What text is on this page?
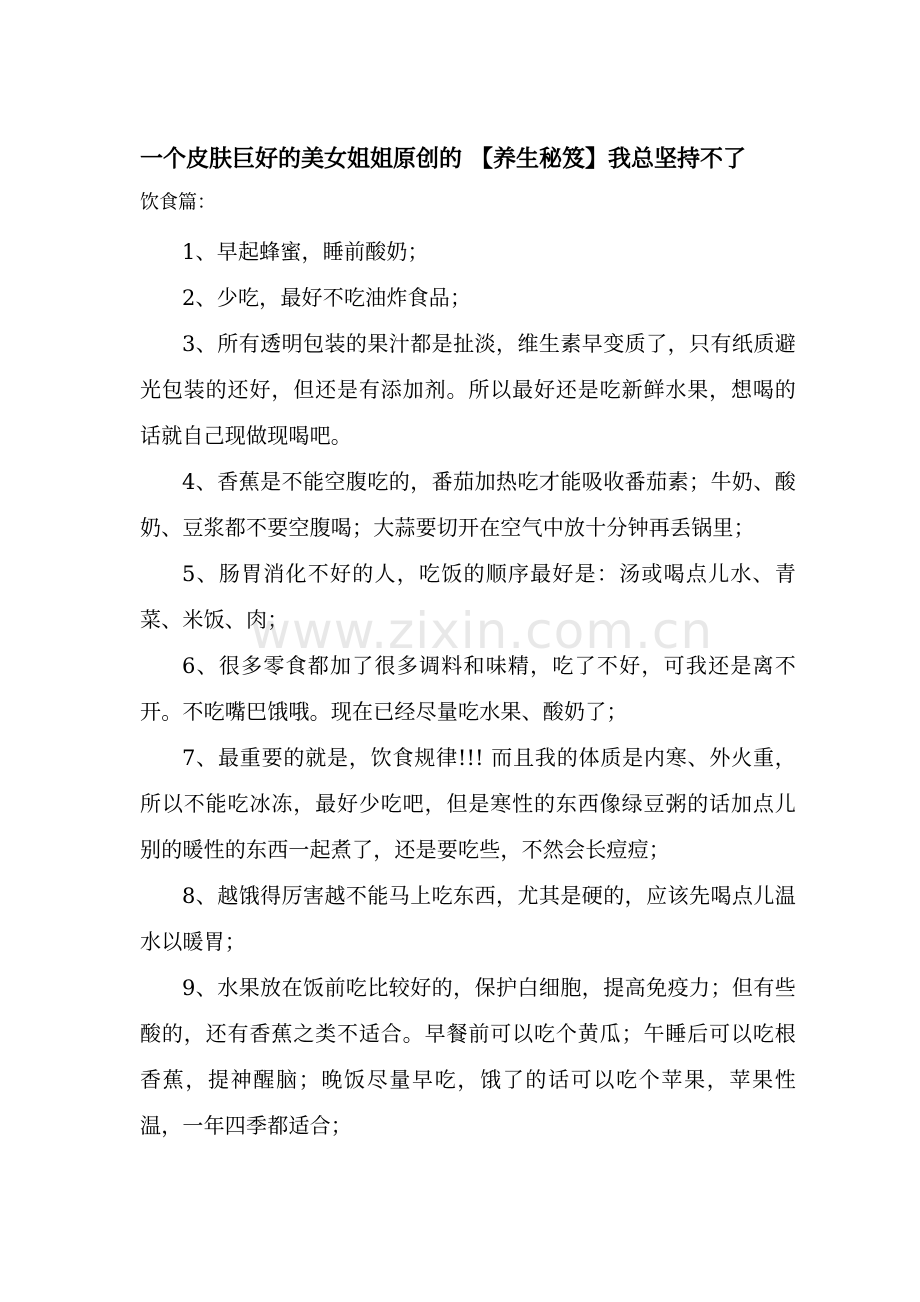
一个皮肤巨好的美女姐姐原创的 【养生秘笈】我总坚持不了

饮食篇：

1、早起蜂蜜，睡前酸奶；

2、少吃，最好不吃油炸食品；

3、所有透明包装的果汁都是扯淡，维生素早变质了，只有纸质避光包装的还好，但还是有添加剂。所以最好还是吃新鲜水果，想喝的话就自己现做现喝吧。

4、香蕉是不能空腹吃的，番茄加热吃才能吸收番茄素；牛奶、酸奶、豆浆都不要空腹喝；大蒜要切开在空气中放十分钟再丢锅里；

5、肠胃消化不好的人，吃饭的顺序最好是：汤或喝点儿水、青菜、米饭、肉；

6、很多零食都加了很多调料和味精，吃了不好，可我还是离不开。不吃嘴巴饿哦。现在已经尽量吃水果、酸奶了；

7、最重要的就是，饮食规律!!! 而且我的体质是内寒、外火重，所以不能吃冰冻，最好少吃吧，但是寒性的东西像绿豆粥的话加点儿别的暖性的东西一起煮了，还是要吃些，不然会长痘痘；

8、越饿得厉害越不能马上吃东西，尤其是硬的，应该先喝点儿温水以暖胃；

9、水果放在饭前吃比较好的，保护白细胞，提高免疫力；但有些酸的，还有香蕉之类不适合。早餐前可以吃个黄瓜；午睡后可以吃根香蕉，提神醒脑；晚饭尽量早吃，饿了的话可以吃个苹果，苹果性温，一年四季都适合；

www.zixin.com.cn
